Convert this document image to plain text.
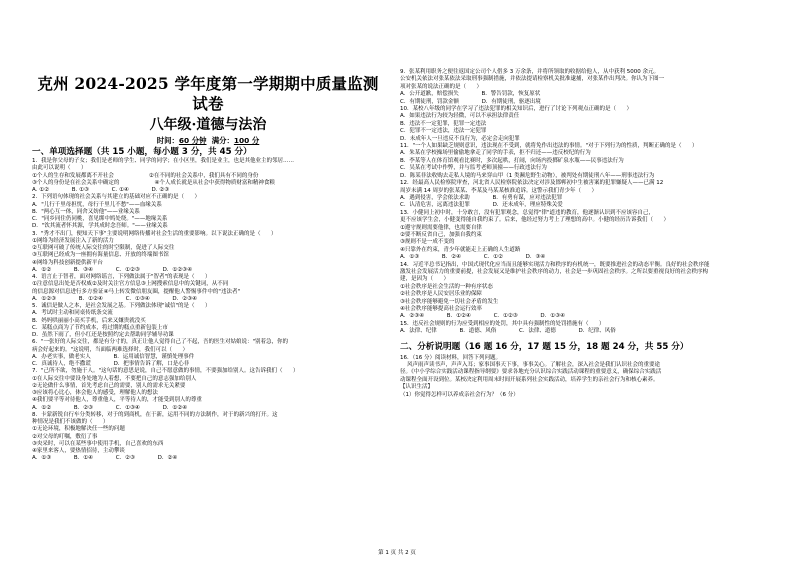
克州 2024-2025 学年度第一学期期中质量监测试卷
八年级·道德与法治
时间：60 分钟 满分：100 分
一、单项选择题（共 15 小题，每小题 3 分，共 45 分）
1．我是你父母的子女；我们是老师的学生、同学的同学；在小区里，我们是业主，也是其他业主的邻居……
由此可以说明（      ）
①个人的生存和发展都离不开社会                    ②在不同的社会关系中，我们具有不同的身份
③个人的身份是在社会关系中确定的                    ④个人成长就是从社会中获得物质财富和精神食粮
A. ①②             B. ①③             C. ①④             D. ②③
2．下列语句体现的社会关系与其建立的基础对应不正确的是（      ）
A．"儿行千里母担忧，母行千里儿不愁"——血缘关系
B．"两心互一体，同舍又妨他"——业缘关系
C．"同乡同住仍同桃，喜见绑中鸠处绕。"——地缘关系
D．"饮其流者怀其源，学其成时念吾师。"——业缘关系
3．"秀才不出门，便知天下事"主要说明网络传播对社会生活的重要影响。以下说法正确的是（      ）
①网络为经济发展注入了新的活力
②互联网可破了传统人际交往的时空限制，促进了人际交往
③互联网已经成为一座拥有海量信息、开放的终端图书馆
④网络为科技创新提供新平台
A．①②             B．③④             C．①②③             D．①②③④
4．语言止于智者，面对网络谣言，下列做法属于"智者"的表现是（      ）
①注意信息出处是否权威②及时关注官方信息③上网搜索信息中的关键词，从不同
的信息源对信息进行多方验证④马上转发微信朋友圈，提醒他人警惕事件中的"违法者"
A．①②③             B．①②④             C．①③④             D．②③④
5．诚信是做人之本，是社会发展之基。下列做法体现"诚信"的是（      ）
A．考试时主动和同桌传纸条交流
B．妈妈哄丽丽小高买手机，后来又嫌贵就没买
C．某糕点商为了节约成本，将过期的糕点重新包装上市
D．虽然下雨了，但小红还是按照约定去帮助同学辅导功课
6．"一张好的人际交往，都是有分寸的，真正让他人觉得自己了不起，吾的医生对姑娘说："别着急，你的
病会好起来的。"这说明，当面临两难选择时，我们可以（      ）
A．办老实事，做老实人             B．运用诚信智慧，谨慎处理事件
C．真诚待人，绝不撒谎             D．把事情告诉了解，口是心非
7．"己所不欲，勿施于人。"这句话的意思是说，自己不愿意做的事情，不要强加给别人。这告诉我们（      ）
①在人际交往中要设身处地为人着想，不要把自己的意志强加给别人
②无论做什么事情，首先考虑自己的需要，别人的需求无关紧要
③应该将心比心，体会他人的感受，理解他人的想法
④我们要平等对待他人，尊重他人，平等待人的，才能受到别人的尊重
A．①②             B．②③             C．①③④             D．①②④
8．卡蒙新锐自行车分类转移，对于的到商机，在于新，运用不同的方法制作，对于的新兴的打开。这
种情况是我们不该做的（      ）
①无论环境，积极地解决任一些的问题
②对父母的叮嘱，敷衍了事
③央采时，可以在某些事中使用手机，自己喜欢的东西
④家里来客人，要热情招待，主动攀谈
A．①③             B．①④             C．②③             D．②④
9．张某利用职务之便往返国定公司个人借多 3 万余条，并将所领取的收据给他人，从中获利 5000 余元。
公安机关依法对张某依法采取刑事强制措施，并依法提请检察机关批准逮捕，对张某作出判决。你认为下图一
项对张某的说法正确的是（      ）
A．公开道歉，赔偿损失             B．警告罚款，恢复原状
C．有期徒刑，罚款金额             D．有期徒刑，驱逐出境
10．某校八年级的同学在学习了违法犯罪的相关知识后，进行了讨论下列观点正确的是（      ）
A．如果违法行为较为轻微，可以不承担法律责任
B．违法不一定犯罪，犯罪一定违法
C．犯罪不一定违法，违法一定犯罪
D．未成年人一旦违反不良行为，必定会走向犯罪
11．"一个人如果缺乏规则意识，违法现在不受到，就将免作出违法的事情。"对于下列行为的性质，判断正确的是（      ）
A．朱某在学校操场里偷偷地拿走了同学的手表，拒不归还——违反校纪的行为
B．李某等人在体育馆观看比赛时，多次起哄，打闹，向场内投掷矿泉水瓶——民事违法行为
C．吴某在考试中作弊，并与监考老师顶撞——行政违法行为
D．陈某非法收购去走私人境的马来穿山甲（1 类濒危野生动物），被判处有期徒刑八年——刑事违法行为
12．经最高人民检察院审查，河北省人民检察院依法决定对涉及邯郸初中生被害案的犯罪嫌疑人——已满 12
周岁未满 14 周岁的张某某、李某及马某某核准追诉。这警示我们青少年（      ）
A．遇到侵害，学会依法求助             B．有勇有谋，应对违法犯罪
C．认清危害，远离违法犯罪             D．还未成年，理应特殊关爱
13．小健同上初中时，十分敢言，没有犯罪观念，总觉得"律"道违的教育，他逐渐认识到不应该容自己，
更不应该学生会，小健变得能自我约束了。后来，他经过努力考上了理想的高中。小健的经历告诉我们（      ）
①遵守规则需要他律，也需要自律
②要不断反省自己，加强自我约束
③规则不是一成不变的
④只靠外在约束，青少年就能走上正确的人生道路
A．①③             B．②④             C．①②             D．③④
14．习近平总书记指出，中国式现代化应当而且能够实现活力和秩序的有机统一，既要推进社会的动态平衡。良好的社会秩序能
激发社会发展活力的重要前提，社会发展又是维护社会秩序的动力，社会是一步巩固社会秩序。之所以要重视良好的社会秩序构
建，是因为（      ）
①社会秩序是社会生活的一种有序状态
②社会秩序是人民安居乐业的保障
③社会秩序能够避免一切社会矛盾的发生
④社会秩序能够提高社会运行效率
A．②③④             B．①②④             C．①②③             D．①③④
15．违反社会规则的行为应受到相应的处罚，其中具有强制性的处罚措施有（      ）
A．法律、纪律             B．道德、风俗             C．法律、道德             D．纪律、风俗
二、分析说明题（16 题 16 分，17 题 15 分，18 题 24 分，共 55 分）
16．（16 分）阅读材料，回答下列问题。
风声雨声读书声，声声入耳；家事国事天下事，事事关心。了解社会，深入社会是我们认识社会的重要途
径。《中小学综合实践活动课程指导纲要》要求各地充分认识综合实践活动课程的重要意义，确保综合实践活
动课程全面开设到位。某校决定利用周末时间开展系列社会实践活动，培养学生的亲社会行为和核心素养。
【认识生活】
（1）你觉得怎样可以养成亲社会行为？（6 分）
第 1 页 共 2 页
